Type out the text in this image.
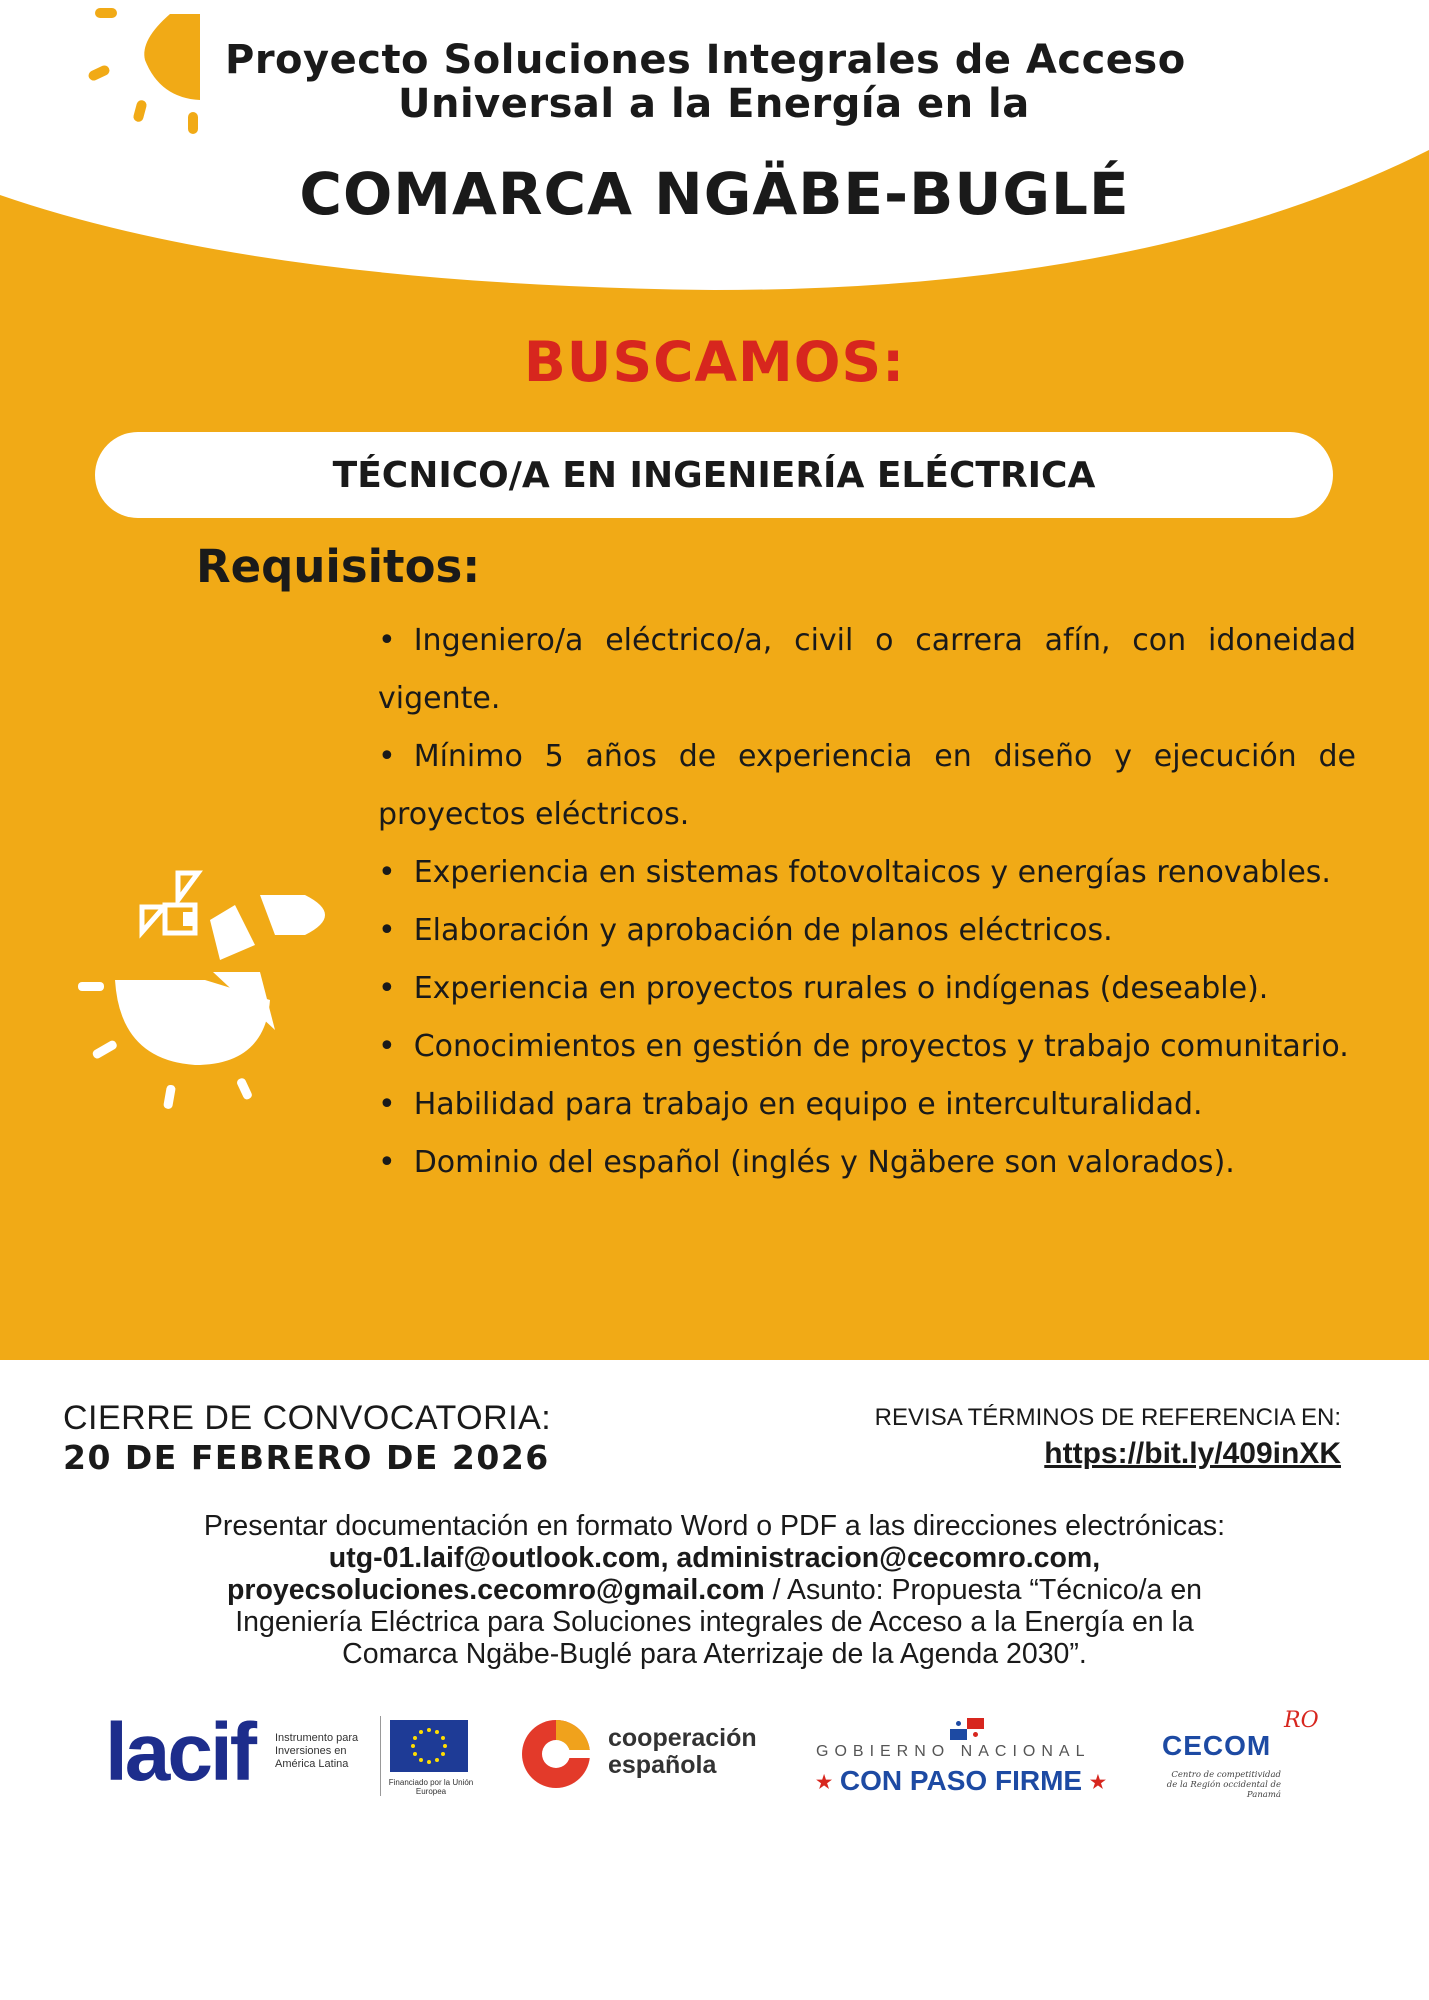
Proyecto Soluciones Integrales de Acceso
Universal a la Energía en la
COMARCA NGÄBE-BUGLÉ
BUSCAMOS:
TÉCNICO/A EN INGENIERÍA ELÉCTRICA
Requisitos:
• Ingeniero/a eléctrico/a, civil o carrera afín, con idoneidad vigente.
• Mínimo 5 años de experiencia en diseño y ejecución de proyectos eléctricos.
• Experiencia en sistemas fotovoltaicos y energías renovables.
• Elaboración y aprobación de planos eléctricos.
• Experiencia en proyectos rurales o indígenas (deseable).
• Conocimientos en gestión de proyectos y trabajo comunitario.
• Habilidad para trabajo en equipo e interculturalidad.
• Dominio del español (inglés y Ngäbere son valorados).
CIERRE DE CONVOCATORIA:
20 DE FEBRERO DE 2026
REVISA TÉRMINOS DE REFERENCIA EN:
https://bit.ly/409inXK
Presentar documentación en formato Word o PDF a las direcciones electrónicas:
utg-01.laif@outlook.com, administracion@cecomro.com,
proyecsoluciones.cecomro@gmail.com / Asunto: Propuesta “Técnico/a en
Ingeniería Eléctrica para Soluciones integrales de Acceso a la Energía en la
Comarca Ngäbe-Buglé para Aterrizaje de la Agenda 2030”.
lacif Instrumento para Inversiones en América Latina
Financiado por la Unión Europea
cooperación
española	GOBIERNO NACIONAL
★ CON PASO FIRME ★
RO
CECOM
Centro de competitividad de la Región occidental de Panamá
